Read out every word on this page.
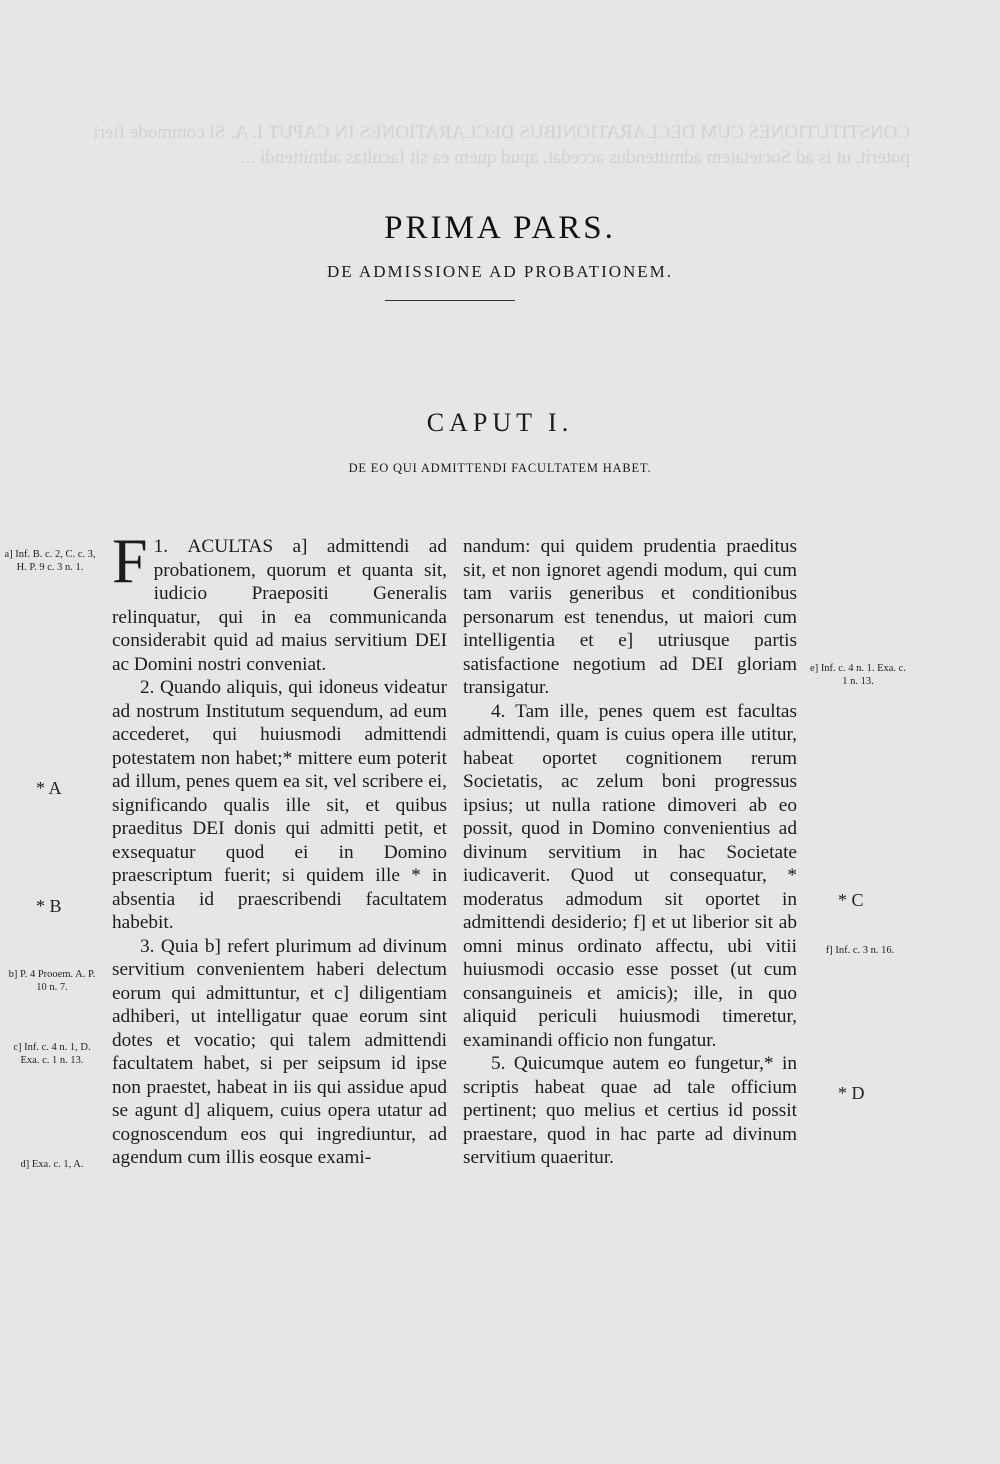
CONSTITUTIONES CUM DECLARATIONIBUS DECLARATIONES IN CAPUT I. A. Si commode fieri poterit, ut is ad Societatem admittendus accedat, apud quem ea sit facultas admittendi ...
PRIMA PARS.
DE ADMISSIONE AD PROBATIONEM.
CAPUT I.
DE EO QUI ADMITTENDI FACULTATEM HABET.
a] Inf. B. c. 2, C. c. 3, H. P. 9 c. 3 n. 1.
* A
* B
b] P. 4 Prooem. A. P. 10 n. 7.
c] Inf. c. 4 n. 1, D. Exa. c. 1 n. 13.
d] Exa. c. 1, A.
e] Inf. c. 4 n. 1. Exa. c. 1 n. 13.
* C
f] Inf. c. 3 n. 16.
* D

1.
F ACULTAS a] admittendi ad probationem, quorum et quanta sit, iudicio Praepositi Generalis relinquatur, qui in ea communicanda considerabit quid ad maius servitium DEI ac Domini nostri conveniat.

2. Quando aliquis, qui idoneus videatur ad nostrum Institutum sequendum, ad eum accederet, qui huiusmodi admittendi potestatem non habet;* mittere eum poterit ad illum, penes quem ea sit, vel scribere ei, significando qualis ille sit, et quibus praeditus DEI donis qui admitti petit, et exsequatur quod ei in Domino praescriptum fuerit; si quidem ille * in absentia id praescribendi facultatem habebit.

3. Quia b] refert plurimum ad divinum servitium convenientem haberi delectum eorum qui admittuntur, et c] diligentiam adhiberi, ut intelligatur quae eorum sint dotes et vocatio; qui talem admittendi facultatem habet, si per seipsum id ipse non praestet, habeat in iis qui assidue apud se agunt d] aliquem, cuius opera utatur ad cognoscendum eos qui ingrediuntur, ad agendum cum illis eosque exami-

nandum: qui quidem prudentia praeditus sit, et non ignoret agendi modum, qui cum tam variis generibus et conditionibus personarum est tenendus, ut maiori cum intelligentia et e] utriusque partis satisfactione negotium ad DEI gloriam transigatur.

4. Tam ille, penes quem est facultas admittendi, quam is cuius opera ille utitur, habeat oportet cognitionem rerum Societatis, ac zelum boni progressus ipsius; ut nulla ratione dimoveri ab eo possit, quod in Domino convenientius ad divinum servitium in hac Societate iudicaverit. Quod ut consequatur, * moderatus admodum sit oportet in admittendi desiderio; f] et ut liberior sit ab omni minus ordinato affectu, ubi vitii huiusmodi occasio esse posset (ut cum consanguineis et amicis); ille, in quo aliquid periculi huiusmodi timeretur, examinandi officio non fungatur.

5. Quicumque autem eo fungetur,* in scriptis habeat quae ad tale officium pertinent; quo melius et certius id possit praestare, quod in hac parte ad divinum servitium quaeritur.
